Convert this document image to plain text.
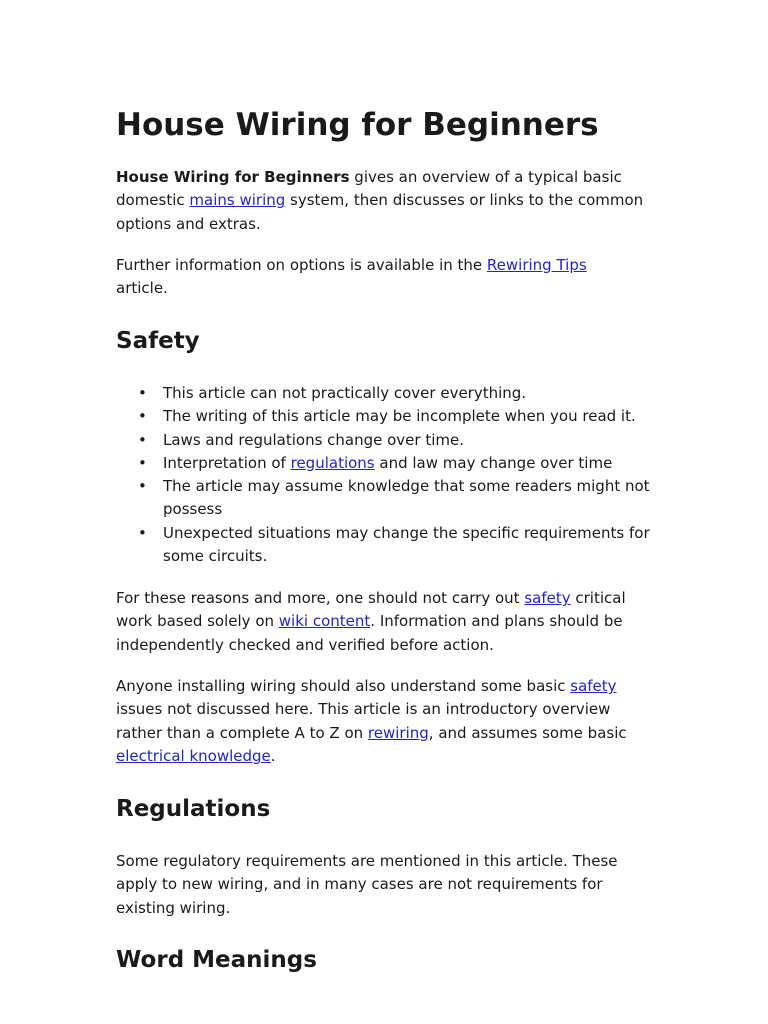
House Wiring for Beginners

House Wiring for Beginners gives an overview of a typical basic domestic mains wiring system, then discusses or links to the common options and extras.

Further information on options is available in the Rewiring Tips
article.

Safety
• This article can not practically cover everything.
• The writing of this article may be incomplete when you read it.
• Laws and regulations change over time.
• Interpretation of regulations and law may change over time
• The article may assume knowledge that some readers might not possess
• Unexpected situations may change the specific requirements for some circuits.

For these reasons and more, one should not carry out safety critical work based solely on wiki content. Information and plans should be independently checked and verified before action.

Anyone installing wiring should also understand some basic safety issues not discussed here. This article is an introductory overview rather than a complete A to Z on rewiring, and assumes some basic electrical knowledge.

Regulations

Some regulatory requirements are mentioned in this article. These apply to new wiring, and in many cases are not requirements for existing wiring.

Word Meanings
